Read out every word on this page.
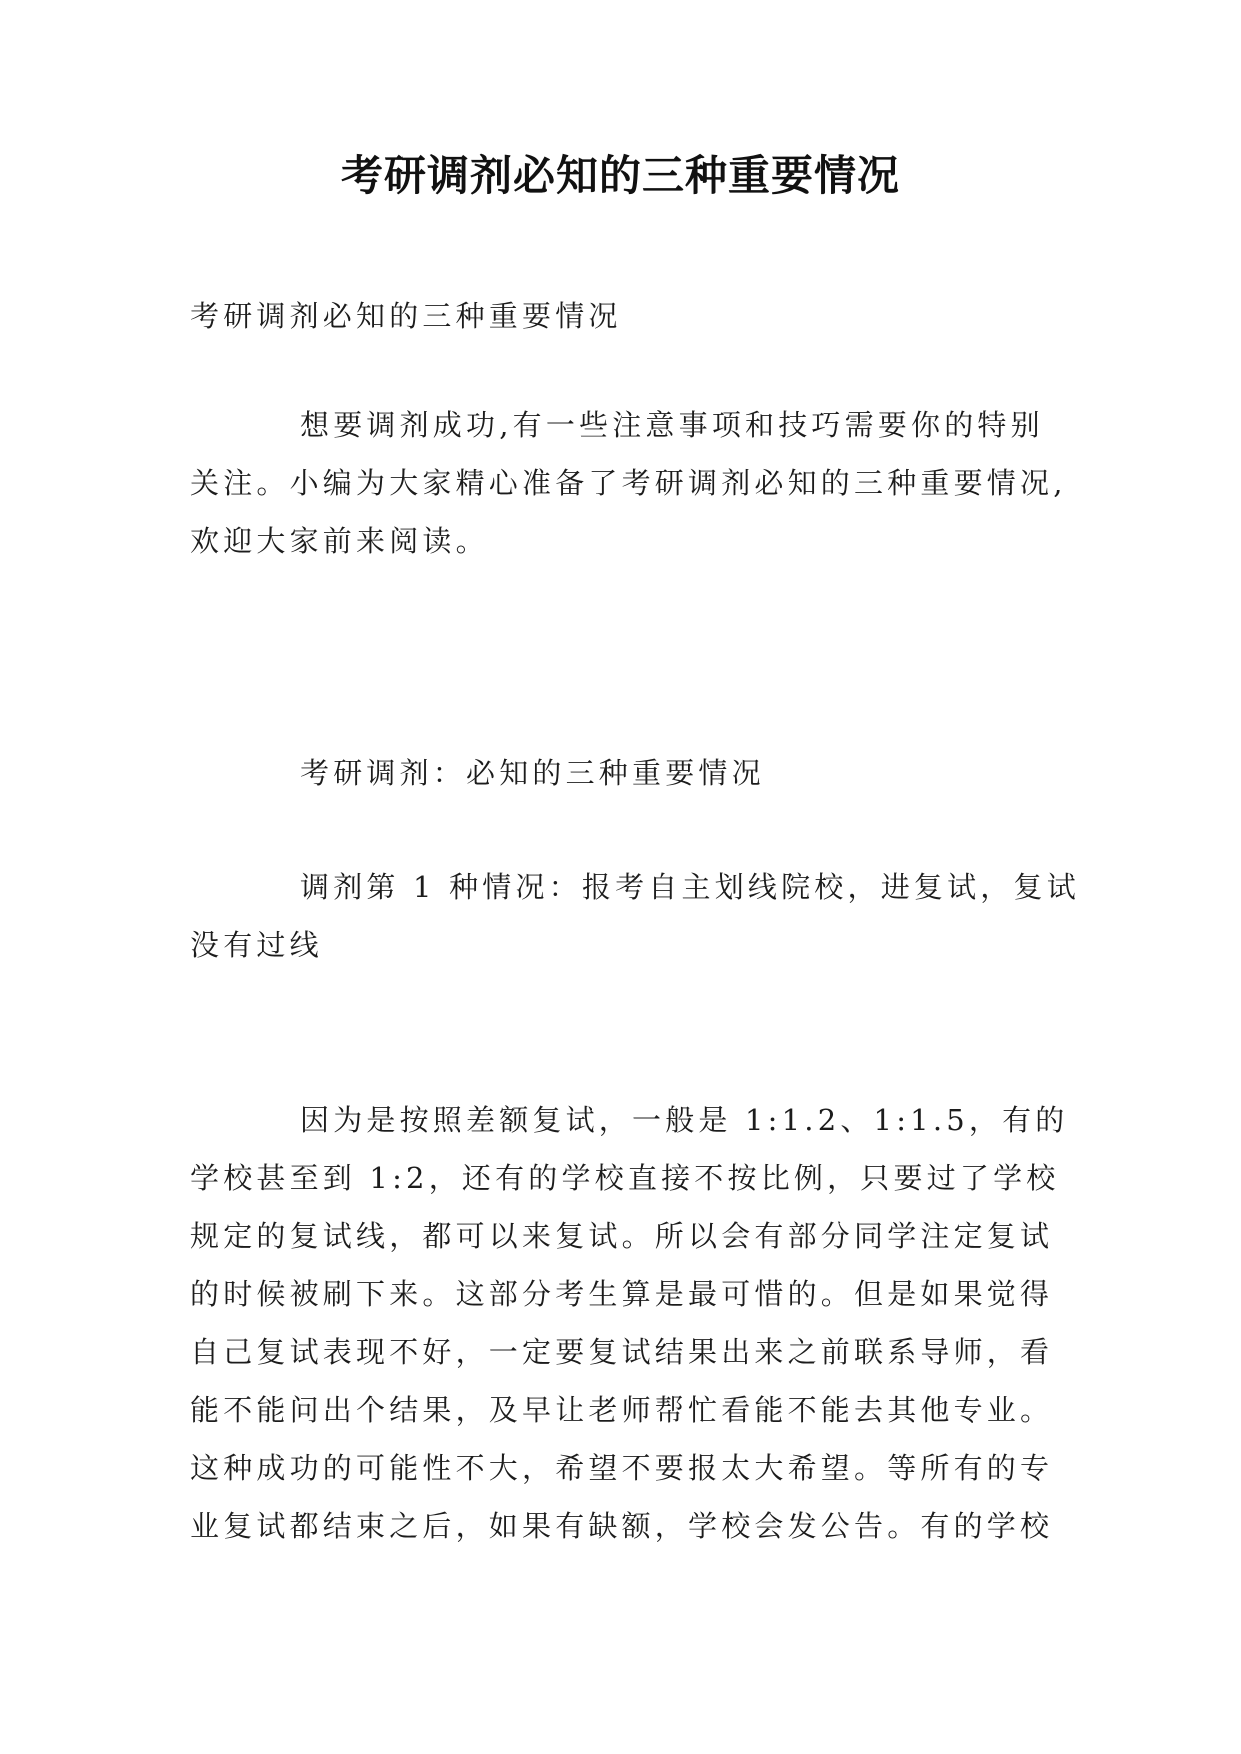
考研调剂必知的三种重要情况
考研调剂必知的三种重要情况
想要调剂成功,有一些注意事项和技巧需要你的特别
关注。小编为大家精心准备了考研调剂必知的三种重要情况,
欢迎大家前来阅读。
考研调剂：必知的三种重要情况
调剂第 1 种情况：报考自主划线院校，进复试，复试
没有过线
因为是按照差额复试，一般是 1:1.2、1:1.5，有的
学校甚至到 1:2，还有的学校直接不按比例，只要过了学校
规定的复试线，都可以来复试。所以会有部分同学注定复试
的时候被刷下来。这部分考生算是最可惜的。但是如果觉得
自己复试表现不好，一定要复试结果出来之前联系导师，看
能不能问出个结果，及早让老师帮忙看能不能去其他专业。
这种成功的可能性不大，希望不要报太大希望。等所有的专
业复试都结束之后，如果有缺额，学校会发公告。有的学校
